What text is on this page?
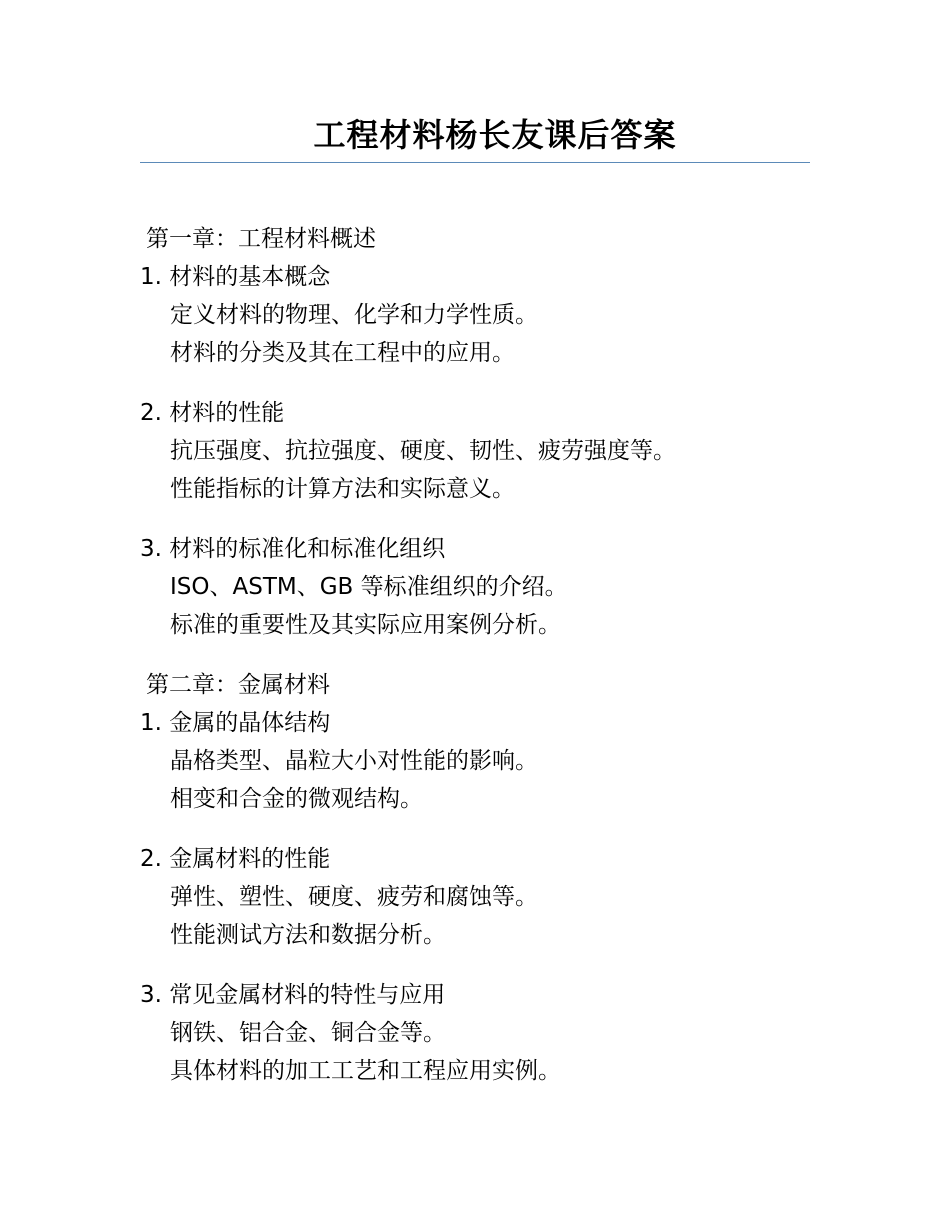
工程材料杨长友课后答案
第一章：工程材料概述
1. 材料的基本概念
定义材料的物理、化学和力学性质。
材料的分类及其在工程中的应用。
2. 材料的性能
抗压强度、抗拉强度、硬度、韧性、疲劳强度等。
性能指标的计算方法和实际意义。
3. 材料的标准化和标准化组织
ISO、ASTM、GB 等标准组织的介绍。
标准的重要性及其实际应用案例分析。
第二章：金属材料
1. 金属的晶体结构
晶格类型、晶粒大小对性能的影响。
相变和合金的微观结构。
2. 金属材料的性能
弹性、塑性、硬度、疲劳和腐蚀等。
性能测试方法和数据分析。
3. 常见金属材料的特性与应用
钢铁、铝合金、铜合金等。
具体材料的加工工艺和工程应用实例。
